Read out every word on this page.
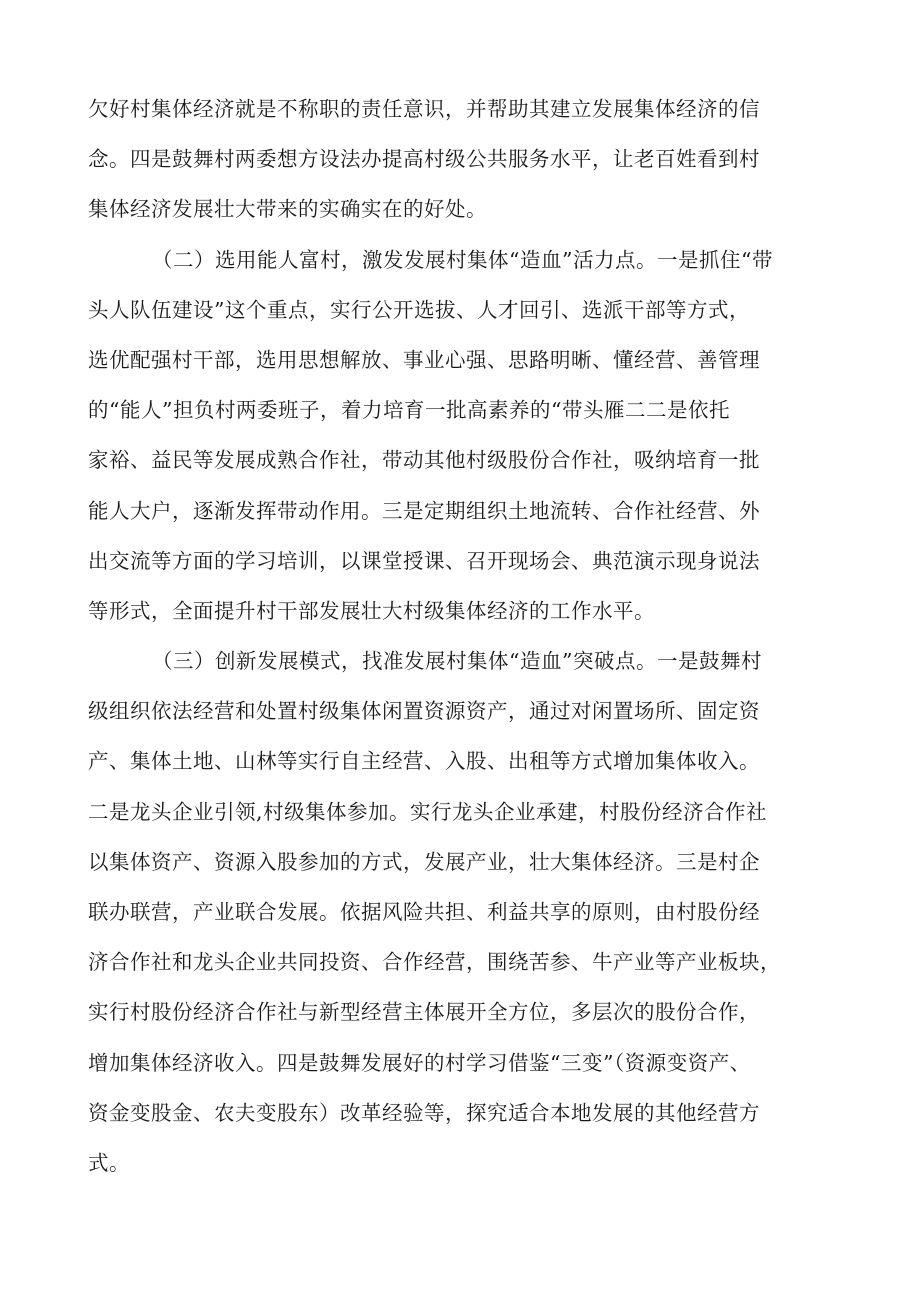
欠好村集体经济就是不称职的责任意识，并帮助其建立发展集体经济的信
念。四是鼓舞村两委想方设法办提高村级公共服务水平，让老百姓看到村
集体经济发展壮大带来的实确实在的好处。
（二）选用能人富村，激发发展村集体“造血”活力点。一是抓住“带
头人队伍建设”这个重点，实行公开选拔、人才回引、选派干部等方式，
选优配强村干部，选用思想解放、事业心强、思路明晰、懂经营、善管理
的“能人”担负村两委班子，着力培育一批高素养的“带头雁二二是依托
家裕、益民等发展成熟合作社，带动其他村级股份合作社，吸纳培育一批
能人大户，逐渐发挥带动作用。三是定期组织土地流转、合作社经营、外
出交流等方面的学习培训，以课堂授课、召开现场会、典范演示现身说法
等形式，全面提升村干部发展壮大村级集体经济的工作水平。
（三）创新发展模式，找准发展村集体“造血”突破点。一是鼓舞村
级组织依法经营和处置村级集体闲置资源资产，通过对闲置场所、固定资
产、集体土地、山林等实行自主经营、入股、出租等方式增加集体收入。
二是龙头企业引领,村级集体参加。实行龙头企业承建，村股份经济合作社
以集体资产、资源入股参加的方式，发展产业，壮大集体经济。三是村企
联办联营，产业联合发展。依据风险共担、利益共享的原则，由村股份经
济合作社和龙头企业共同投资、合作经营，围绕苦参、牛产业等产业板块，
实行村股份经济合作社与新型经营主体展开全方位，多层次的股份合作，
增加集体经济收入。四是鼓舞发展好的村学习借鉴“三变”（资源变资产、
资金变股金、农夫变股东）改革经验等，探究适合本地发展的其他经营方
式。
